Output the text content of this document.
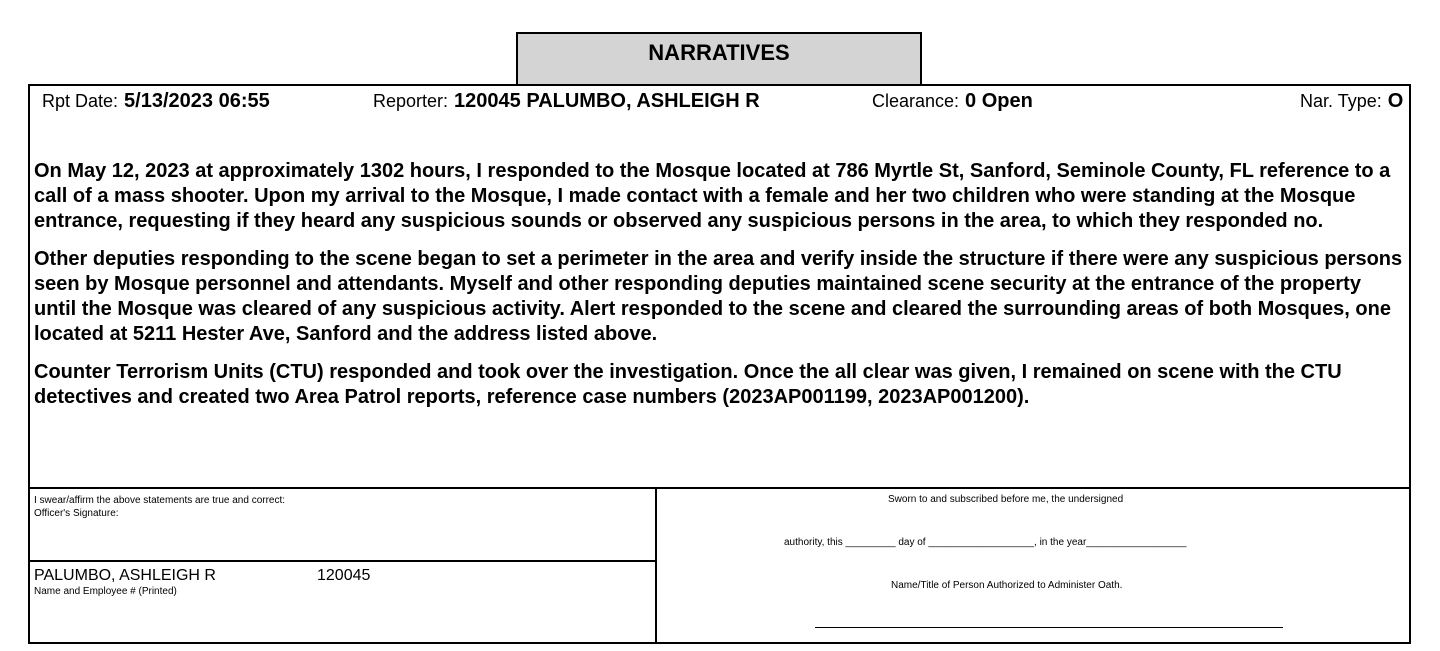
NARRATIVES
Rpt Date: 5/13/2023 06:55	Reporter: 120045 PALUMBO, ASHLEIGH R	Clearance: 0 Open	Nar. Type: O

On May 12, 2023 at approximately 1302 hours, I responded to the Mosque located at 786 Myrtle St, Sanford, Seminole County, FL reference to a call of a mass shooter. Upon my arrival to the Mosque, I made contact with a female and her two children who were standing at the Mosque entrance, requesting if they heard any suspicious sounds or observed any suspicious persons in the area, to which they responded no.

Other deputies responding to the scene began to set a perimeter in the area and verify inside the structure if there were any suspicious persons seen by Mosque personnel and attendants. Myself and other responding deputies maintained scene security at the entrance of the property until the Mosque was cleared of any suspicious activity. Alert responded to the scene and cleared the surrounding areas of both Mosques, one located at 5211 Hester Ave, Sanford and the address listed above.

Counter Terrorism Units (CTU) responded and took over the investigation. Once the all clear was given, I remained on scene with the CTU detectives and created two Area Patrol reports, reference case numbers (2023AP001199, 2023AP001200).

I swear/affirm the above statements are true and correct:
Officer's Signature:
PALUMBO, ASHLEIGH R	120045
Name and Employee # (Printed)
Sworn to and subscribed before me, the undersigned
authority, this _________ day of ___________________, in the year__________________
Name/Title of Person Authorized to Administer Oath.
